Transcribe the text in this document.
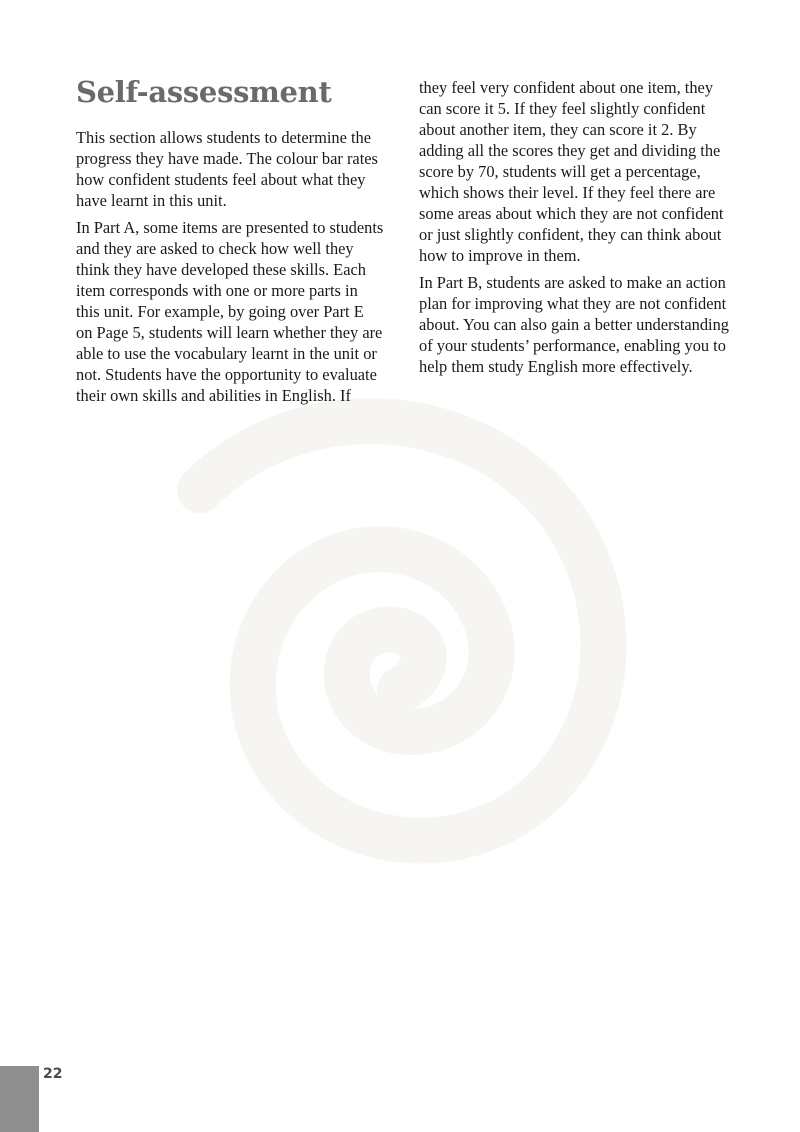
Self-assessment

This section allows students to determine the progress they have made. The colour bar rates how confident students feel about what they have learnt in this unit.

In Part A, some items are presented to students and they are asked to check how well they think they have developed these skills. Each item corresponds with one or more parts in this unit. For example, by going over Part E on Page 5, students will learn whether they are able to use the vocabulary learnt in the unit or not. Students have the opportunity to evaluate their own skills and abilities in English. If

they feel very confident about one item, they can score it 5. If they feel slightly confident about another item, they can score it 2. By adding all the scores they get and dividing the score by 70, students will get a percentage, which shows their level. If they feel there are some areas about which they are not confident or just slightly confident, they can think about how to improve in them.

In Part B, students are asked to make an action plan for improving what they are not confident about. You can also gain a better understanding of your students’ performance, enabling you to help them study English more effectively.

22
